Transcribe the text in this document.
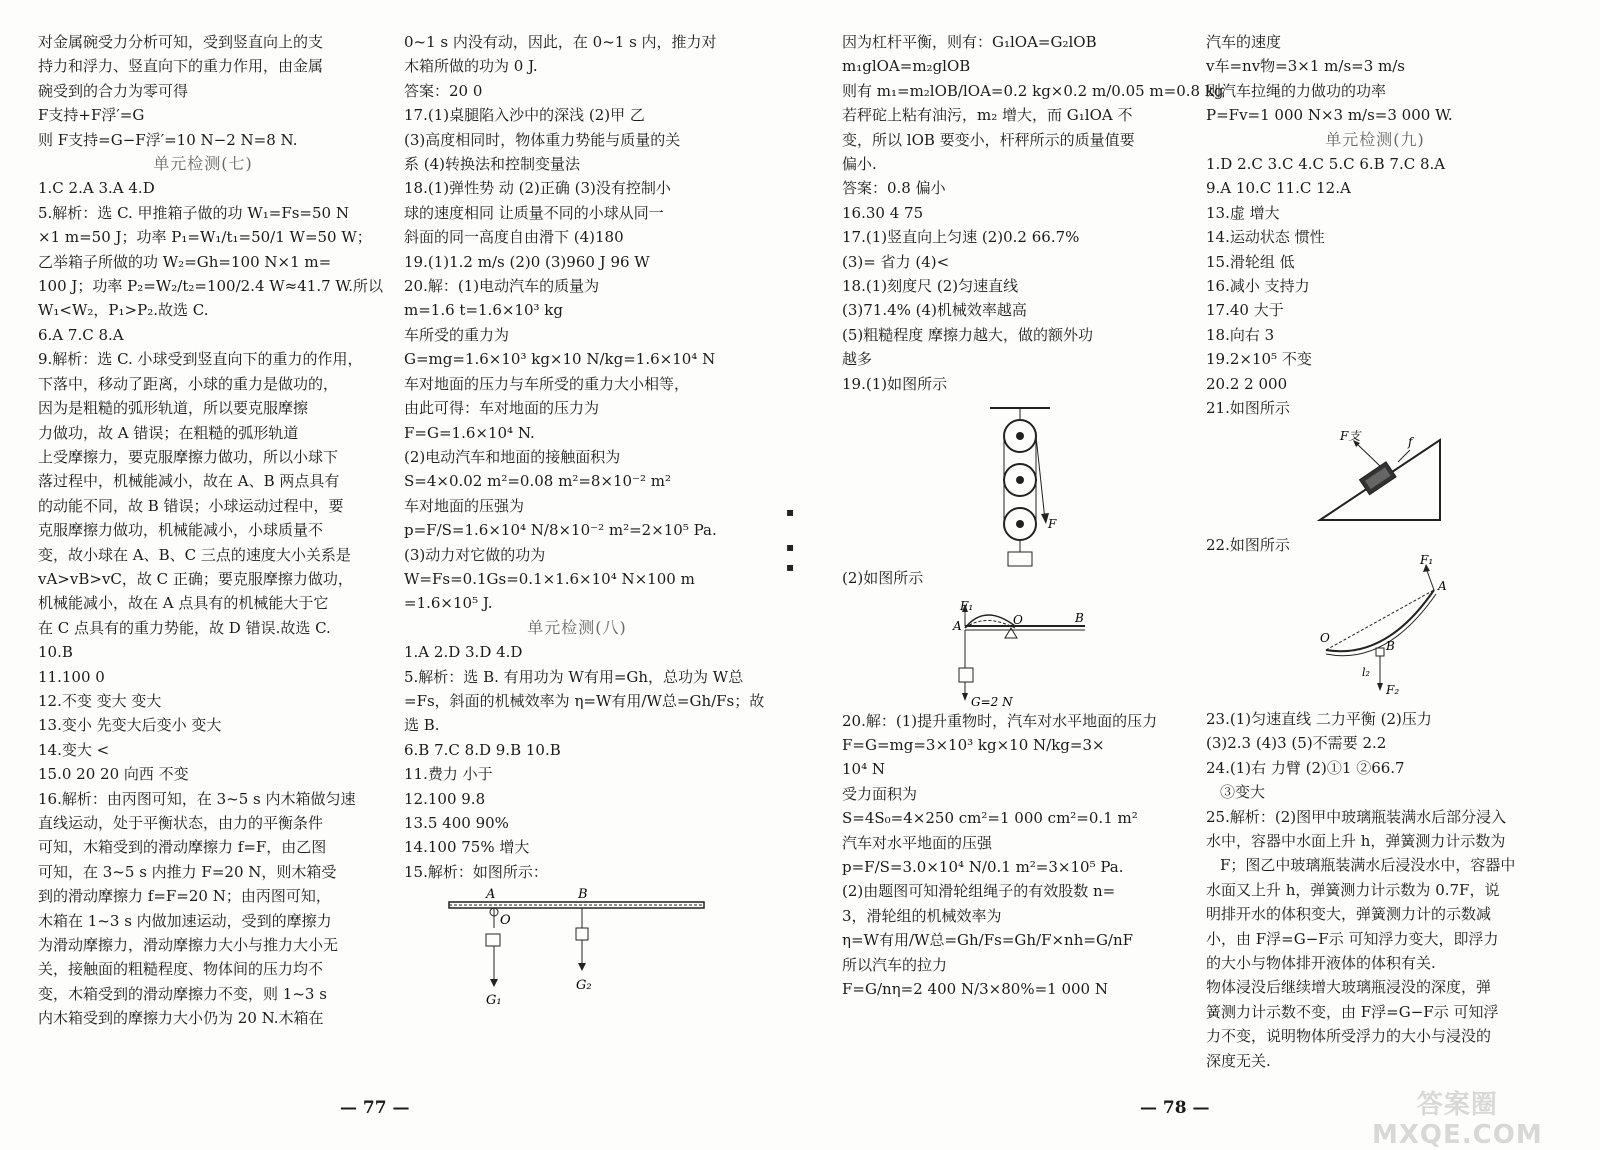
对金属碗受力分析可知，受到竖直向上的支
持力和浮力、竖直向下的重力作用，由金属
碗受到的合力为零可得
F支持+F浮′=G
则 F支持=G−F浮′=10 N−2 N=8 N.
单元检测(七)
1.C 2.A 3.A 4.D
5.解析：选 C. 甲推箱子做的功 W₁=Fs=50 N
×1 m=50 J；功率 P₁=W₁/t₁=50/1 W=50 W；
乙举箱子所做的功 W₂=Gh=100 N×1 m=
100 J；功率 P₂=W₂/t₂=100/2.4 W≈41.7 W.所以
W₁<W₂，P₁>P₂.故选 C.
6.A 7.C 8.A
9.解析：选 C. 小球受到竖直向下的重力的作用，
下落中，移动了距离，小球的重力是做功的，
因为是粗糙的弧形轨道，所以要克服摩擦
力做功，故 A 错误；在粗糙的弧形轨道
上受摩擦力，要克服摩擦力做功，所以小球下
落过程中，机械能减小，故在 A、B 两点具有
的动能不同，故 B 错误；小球运动过程中，要
克服摩擦力做功，机械能减小，小球质量不
变，故小球在 A、B、C 三点的速度大小关系是
vA>vB>vC，故 C 正确；要克服摩擦力做功，
机械能减小，故在 A 点具有的机械能大于它
在 C 点具有的重力势能，故 D 错误.故选 C.
10.B
11.100 0
12.不变 变大 变大
13.变小 先变大后变小 变大
14.变大 <
15.0 20 20 向西 不变
16.解析：由丙图可知，在 3~5 s 内木箱做匀速
直线运动，处于平衡状态，由力的平衡条件
可知，木箱受到的滑动摩擦力 f=F，由乙图
可知，在 3~5 s 内推力 F=20 N，则木箱受
到的滑动摩擦力 f=F=20 N；由丙图可知，
木箱在 1~3 s 内做加速运动，受到的摩擦力
为滑动摩擦力，滑动摩擦力大小与推力大小无
关，接触面的粗糙程度、物体间的压力均不
变，木箱受到的滑动摩擦力不变，则 1~3 s
内木箱受到的摩擦力大小仍为 20 N.木箱在
0~1 s 内没有动，因此，在 0~1 s 内，推力对
木箱所做的功为 0 J.
答案：20 0
17.(1)桌腿陷入沙中的深浅 (2)甲 乙
(3)高度相同时，物体重力势能与质量的关
系 (4)转换法和控制变量法
18.(1)弹性势 动 (2)正确 (3)没有控制小
球的速度相同 让质量不同的小球从同一
斜面的同一高度自由滑下 (4)180
19.(1)1.2 m/s (2)0 (3)960 J 96 W
20.解：(1)电动汽车的质量为
m=1.6 t=1.6×10³ kg
车所受的重力为
G=mg=1.6×10³ kg×10 N/kg=1.6×10⁴ N
车对地面的压力与车所受的重力大小相等，
由此可得：车对地面的压力为
F=G=1.6×10⁴ N.
(2)电动汽车和地面的接触面积为
S=4×0.02 m²=0.08 m²=8×10⁻² m²
车对地面的压强为
p=F/S=1.6×10⁴ N/8×10⁻² m²=2×10⁵ Pa.
(3)动力对它做的功为
W=Fs=0.1Gs=0.1×1.6×10⁴ N×100 m
=1.6×10⁵ J.
单元检测(八)
1.A 2.D 3.D 4.D
5.解析：选 B. 有用功为 W有用=Gh，总功为 W总
=Fs，斜面的机械效率为 η=W有用/W总=Gh/Fs；故
选 B.
6.B 7.C 8.D 9.B 10.B
11.费力 小于
12.100 9.8
13.5 400 90%
14.100 75% 增大
15.解析：如图所示：
A	B
O
G₁
G₂
▪
▪
▪
因为杠杆平衡，则有：G₁lOA=G₂lOB
m₁glOA=m₂glOB
则有 m₁=m₂lOB/lOA=0.2 kg×0.2 m/0.05 m=0.8 kg
若秤砣上粘有油污，m₂ 增大，而 G₁lOA 不
变，所以 lOB 要变小，杆秤所示的质量值要
偏小.
答案：0.8 偏小
16.30 4 75
17.(1)竖直向上匀速 (2)0.2 66.7%
(3)= 省力 (4)<
18.(1)刻度尺 (2)匀速直线
(3)71.4% (4)机械效率越高
(5)粗糙程度 摩擦力越大，做的额外功
越多
19.(1)如图所示
(2)如图所示
20.解：(1)提升重物时，汽车对水平地面的压力
F=G=mg=3×10³ kg×10 N/kg=3×
10⁴ N
受力面积为
S=4S₀=4×250 cm²=1 000 cm²=0.1 m²
汽车对水平地面的压强
p=F/S=3.0×10⁴ N/0.1 m²=3×10⁵ Pa.
(2)由题图可知滑轮组绳子的有效股数 n=
3，滑轮组的机械效率为
η=W有用/W总=Gh/Fs=Gh/F×nh=G/nF
所以汽车的拉力
F=G/nη=2 400 N/3×80%=1 000 N
汽车的速度
v车=nv物=3×1 m/s=3 m/s
则汽车拉绳的力做功的功率
P=Fv=1 000 N×3 m/s=3 000 W.
单元检测(九)
1.D 2.C 3.C 4.C 5.C 6.B 7.C 8.A
9.A 10.C 11.C 12.A
13.虚 增大
14.运动状态 惯性
15.滑轮组 低
16.减小 支持力
17.40 大于
18.向右 3
19.2×10⁵ 不变
20.2 2 000
21.如图所示
22.如图所示
23.(1)匀速直线 二力平衡 (2)压力
(3)2.3 (4)3 (5)不需要 2.2
24.(1)右 力臂 (2)①1 ②66.7
③变大
25.解析：(2)图甲中玻璃瓶装满水后部分浸入
水中，容器中水面上升 h，弹簧测力计示数为
F；图乙中玻璃瓶装满水后浸没水中，容器中
水面又上升 h，弹簧测力计示数为 0.7F，说
明排开水的体积变大，弹簧测力计的示数减
小，由 F浮=G−F示 可知浮力变大，即浮力
的大小与物体排开液体的体积有关.
物体浸没后继续增大玻璃瓶浸没的深度，弹
簧测力计示数不变，由 F浮=G−F示 可知浮
力不变，说明物体所受浮力的大小与浸没的
深度无关.
F
F₁
A	O	B
G=2 N
F支	f
F₁
A
O
B
l₂
F₂
— 77 —	— 78 —	答案圈
MXQE.COM
